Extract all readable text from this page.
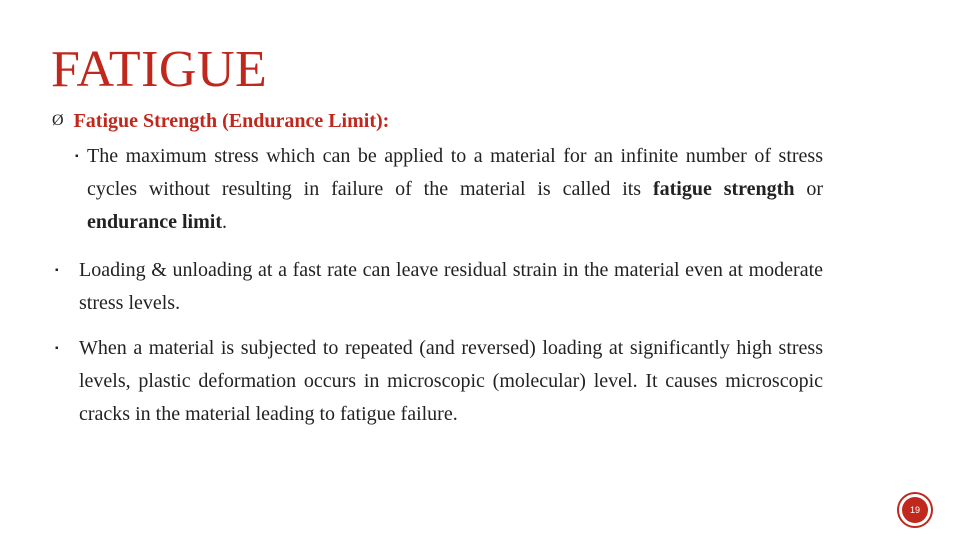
FATIGUE
Ø Fatigue Strength (Endurance Limit):
▪ The maximum stress which can be applied to a material for an infinite number of stress cycles without resulting in failure of the material is called its fatigue strength or endurance limit.
▪ Loading & unloading at a fast rate can leave residual strain in the material even at moderate stress levels.
▪ When a material is subjected to repeated (and reversed) loading at significantly high stress levels, plastic deformation occurs in microscopic (molecular) level. It causes microscopic cracks in the material leading to fatigue failure.
19
